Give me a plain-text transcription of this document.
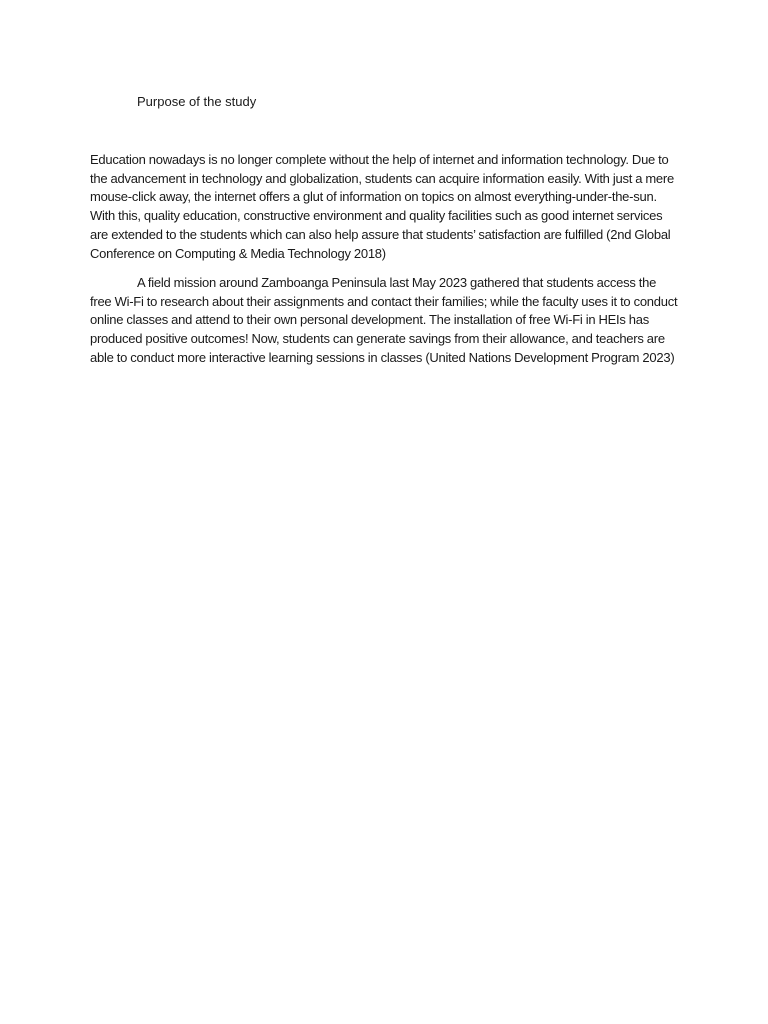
Purpose of the study

Education nowadays is no longer complete without the help of internet and information technology. Due to the advancement in technology and globalization, students can acquire information easily. With just a mere mouse-click away, the internet offers a glut of information on topics on almost everything-under-the-sun. With this, quality education, constructive environment and quality facilities such as good internet services are extended to the students which can also help assure that students’ satisfaction are fulfilled (2nd Global Conference on Computing & Media Technology 2018)

A field mission around Zamboanga Peninsula last May 2023 gathered that students access the free Wi-Fi to research about their assignments and contact their families; while the faculty uses it to conduct online classes and attend to their own personal development. The installation of free Wi-Fi in HEIs has produced positive outcomes! Now, students can generate savings from their allowance, and teachers are able to conduct more interactive learning sessions in classes (United Nations Development Program 2023)
